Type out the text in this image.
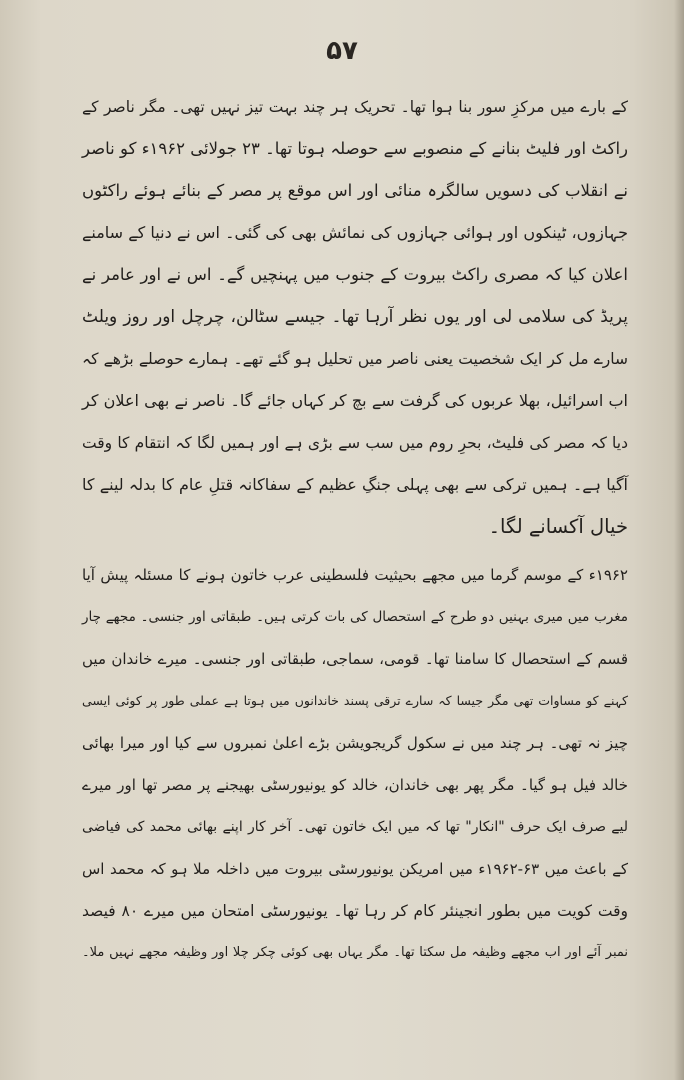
۵۷
کے بارے میں مرکزِ سور بنا ہوا تھا۔ تحریک ہر چند بہت تیز نہیں تھی۔ مگر ناصر کے
راکٹ اور فلیٹ بنانے کے منصوبے سے حوصلہ ہوتا تھا۔ ۲۳ جولائی ۱۹۶۲ء کو ناصر
نے انقلاب کی دسویں سالگرہ منائی اور اس موقع پر مصر کے بنائے ہوئے راکٹوں
جہازوں، ٹینکوں اور ہوائی جہازوں کی نمائش بھی کی گئی۔ اس نے دنیا کے سامنے
اعلان کیا کہ مصری راکٹ بیروت کے جنوب میں پہنچیں گے۔ اس نے اور عامر نے
پریڈ کی سلامی لی اور یوں نظر آرہا تھا۔ جیسے سٹالن، چرچل اور روز ویلٹ
سارے مل کر ایک شخصیت یعنی ناصر میں تحلیل ہو گئے تھے۔ ہمارے حوصلے بڑھے کہ
اب اسرائیل، بھلا عربوں کی گرفت سے بچ کر کہاں جائے گا۔ ناصر نے بھی اعلان کر
دیا کہ مصر کی فلیٹ، بحرِ روم میں سب سے بڑی ہے اور ہمیں لگا کہ انتقام کا وقت
آگیا ہے۔ ہمیں ترکی سے بھی پہلی جنگِ عظیم کے سفاکانہ قتلِ عام کا بدلہ لینے کا
خیال آکسانے لگا۔
۱۹۶۲ء کے موسم گرما میں مجھے بحیثیت فلسطینی عرب خاتون ہونے کا مسئلہ پیش آیا
مغرب میں میری بہنیں دو طرح کے استحصال کی بات کرتی ہیں۔ طبقاتی اور جنسی۔ مجھے چار
قسم کے استحصال کا سامنا تھا۔ قومی، سماجی، طبقاتی اور جنسی۔ میرے خاندان میں
کہنے کو مساوات تھی مگر جیسا کہ سارے ترقی پسند خاندانوں میں ہوتا ہے عملی طور پر کوئی ایسی
چیز نہ تھی۔ ہر چند میں نے سکول گریجویشن بڑے اعلیٰ نمبروں سے کیا اور میرا بھائی
خالد فیل ہو گیا۔ مگر پھر بھی خاندان، خالد کو یونیورسٹی بھیجنے پر مصر تھا اور میرے
لیے صرف ایک حرف "انکار" تھا کہ میں ایک خاتون تھی۔ آخر کار اپنے بھائی محمد کی فیاضی
کے باعث میں ۶۳-۱۹۶۲ء میں امریکن یونیورسٹی بیروت میں داخلہ ملا ہو کہ محمد اس
وقت کویت میں بطور انجینئر کام کر رہا تھا۔ یونیورسٹی امتحان میں میرے ۸۰ فیصد
نمبر آئے اور اب مجھے وظیفہ مل سکتا تھا۔ مگر یہاں بھی کوئی چکر چلا اور وظیفہ مجھے نہیں ملا۔
